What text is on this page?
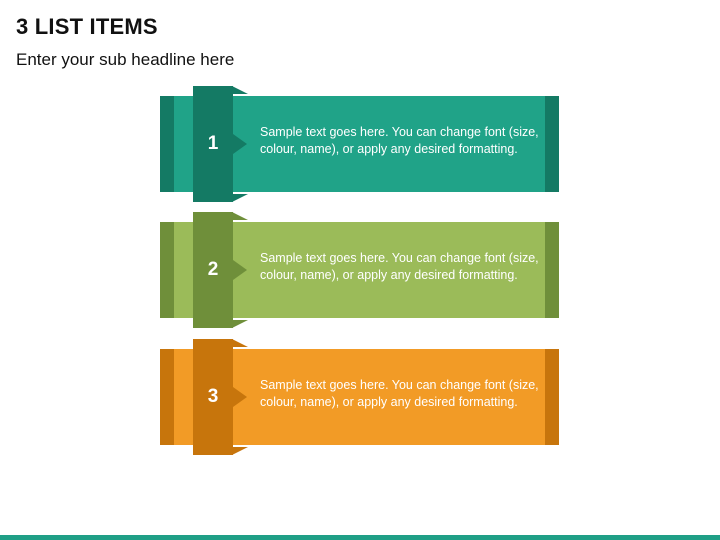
3 LIST ITEMS
Enter your sub headline here
1
Sample text goes here. You can change font (size, colour, name), or apply any desired formatting.
2
Sample text goes here. You can change font (size, colour, name), or apply any desired formatting.
3
Sample text goes here. You can change font (size, colour, name), or apply any desired formatting.
